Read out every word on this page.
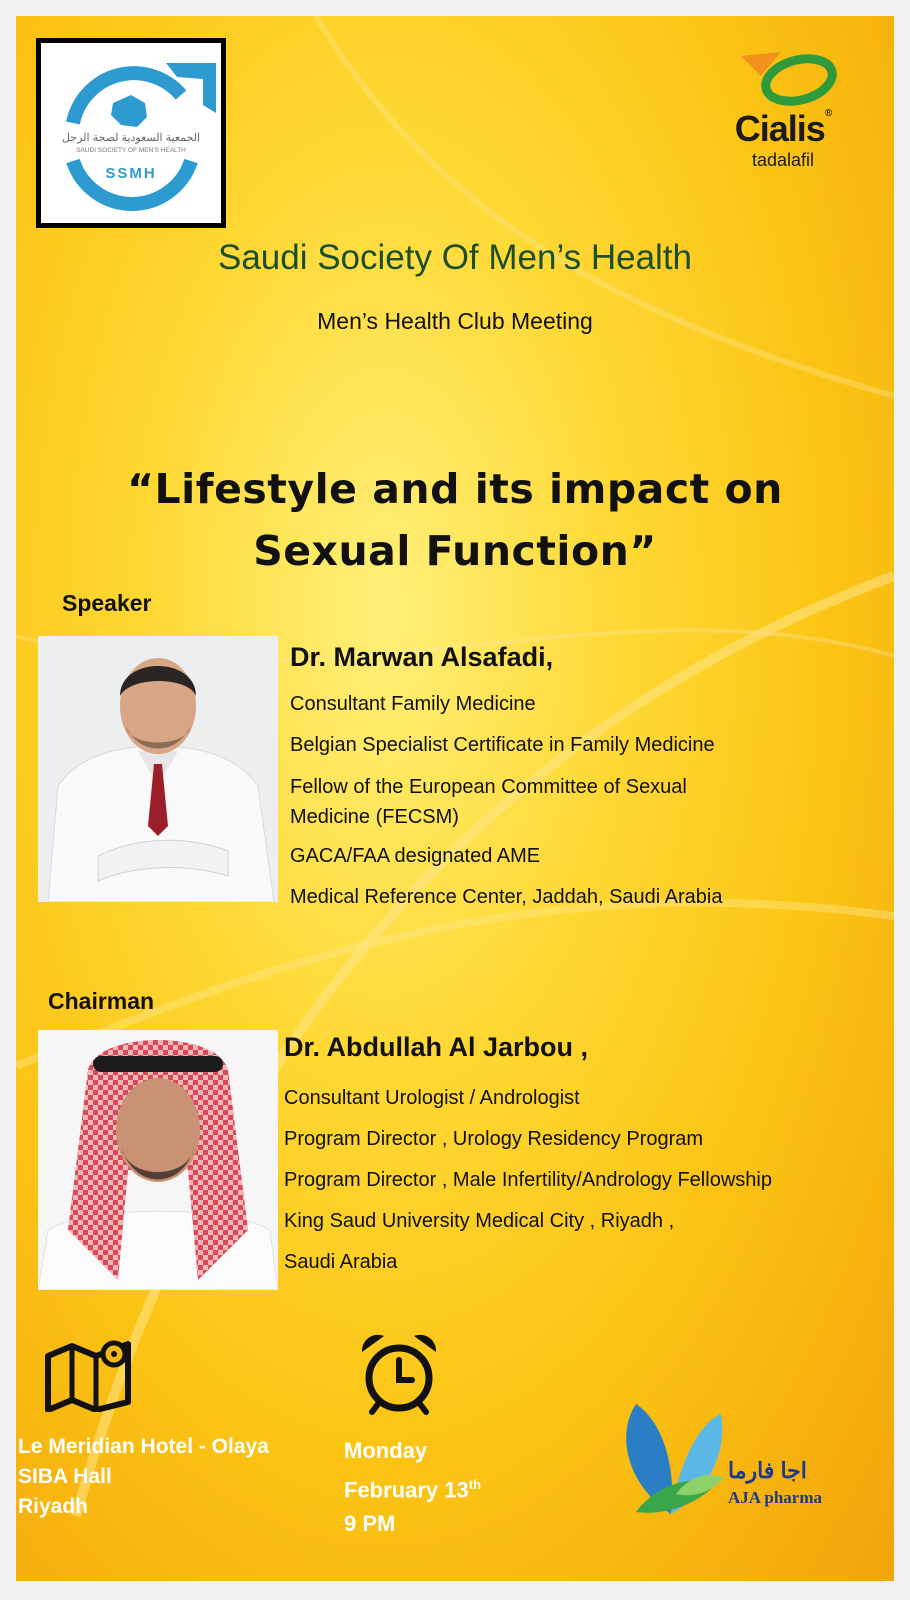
الجمعية السعودية لصحة الرجل
SAUDI SOCIETY OF MEN'S HEALTH
SSMH
Cialis®
tadalafil
Saudi Society Of Men’s Health
Men’s Health Club Meeting
“Lifestyle and its impact on Sexual Function”
Speaker
Dr. Marwan Alsafadi,
Consultant Family Medicine
Belgian Specialist Certificate in Family Medicine
Fellow of the European Committee of Sexual Medicine (FECSM)
GACA/FAA designated AME
Medical Reference Center, Jaddah, Saudi Arabia
Chairman
Dr. Abdullah Al Jarbou ,
Consultant Urologist / Andrologist
Program Director , Urology Residency Program
Program Director , Male Infertility/Andrology Fellowship
King Saud University Medical City , Riyadh ,
Saudi Arabia
Le Meridian Hotel - Olaya
SIBA Hall
Riyadh
Monday
February 13th
9 PM
اجا فارما
AJA pharma
